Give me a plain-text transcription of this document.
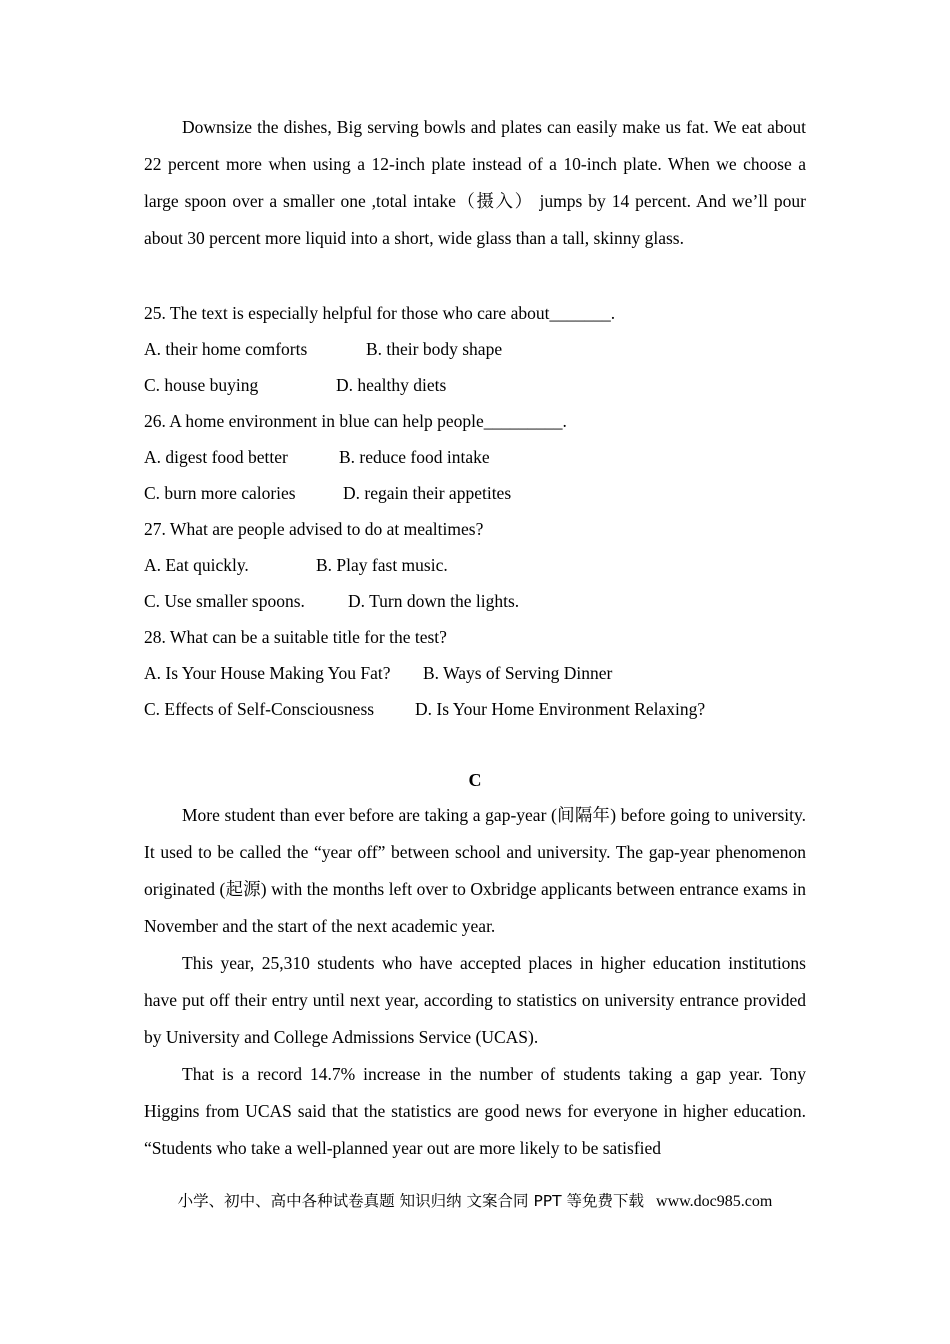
Downsize the dishes, Big serving bowls and plates can easily make us fat. We eat about 22 percent more when using a 12-inch plate instead of a 10-inch plate. When we choose a large spoon over a smaller one ,total intake（摄入） jumps by 14 percent. And we’ll pour about 30 percent more liquid into a short, wide glass than a tall, skinny glass.

25. The text is especially helpful for those who care about_______.

A. their home comforts	B. their body shape

C. house buying	D. healthy diets

26. A home environment in blue can help people_________.

A. digest food better	B. reduce food intake

C. burn more calories	D. regain their appetites

27. What are people advised to do at mealtimes?

A. Eat quickly.	B. Play fast music.

C. Use smaller spoons. D. Turn down the lights.

28. What can be a suitable title for the test?

A. Is Your House Making You Fat? B. Ways of Serving Dinner

C. Effects of Self-Consciousness D. Is Your Home Environment Relaxing?

C

More student than ever before are taking a gap-year (间隔年) before going to university. It used to be called the “year off” between school and university. The gap-year phenomenon originated (起源) with the months left over to Oxbridge applicants between entrance exams in November and the start of the next academic year.

This year, 25,310 students who have accepted places in higher education institutions have put off their entry until next year, according to statistics on university entrance provided by University and College Admissions Service (UCAS).

That is a record 14.7% increase in the number of students taking a gap year. Tony Higgins from UCAS said that the statistics are good news for everyone in higher education. “Students who take a well-planned year out are more likely to be satisfied

小学、初中、高中各种试卷真题 知识归纳 文案合同 PPT 等免费下载 www.doc985.com
